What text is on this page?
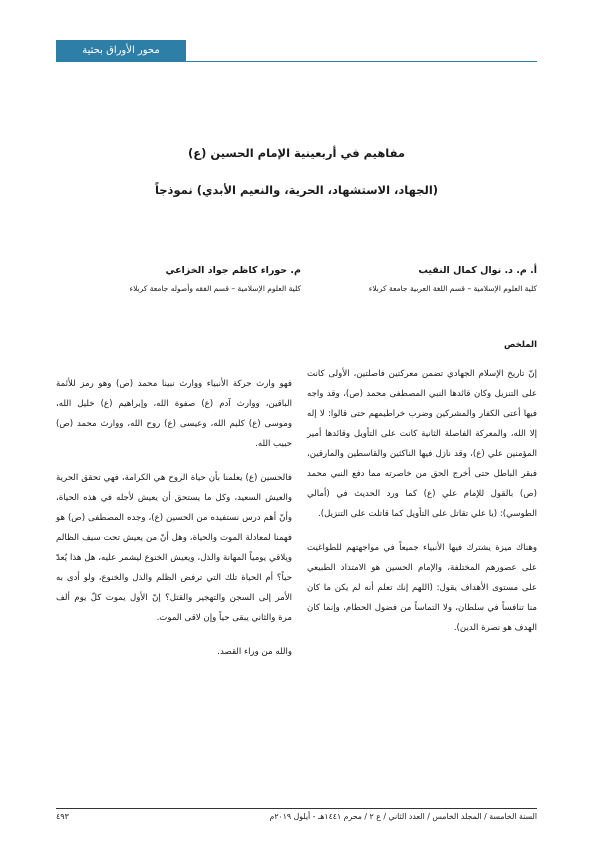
محور الأوراق بحثية
مفاهيم في أربعينية الإمام الحسين (ع)
(الجهاد، الاستشهاد، الحرية، والنعيم الأبدي) نموذجاً
أ. م. د. نوال كمال النقيب
كلية العلوم الإسلامية – قسم اللغة العربية جامعة كربلاء
م. حوراء كاظم جواد الخزاعي
كلية العلوم الإسلامية – قسم الفقه وأصوله جامعة كربلاء
الملخص

إنّ تاريخ الإسلام الجهادي تضمن معركتين فاصلتين، الأولى كانت على التنزيل وكان قائدها النبي المصطفى محمد (ص)، وقد واجه فيها أعتى الكفار والمشركين وضرب خراطيمهم حتى قالوا: لا إله إلا الله، والمعركة الفاصلة الثانية كانت على التأويل وقائدها أمير المؤمنين علي (ع)، وقد نازل فيها الناكثين والقاسطين والمارقين، فبقر الباطل حتى أخرج الحق من خاصرته مما دفع النبي محمد (ص) بالقول للإمام علي (ع) كما ورد الحديث في (أمالي الطوسي): (يا علي تقاتل على التأويل كما قاتلت على التنزيل).

وهناك ميزة يشترك فيها الأنبياء جميعاً في مواجهتهم للطواغيت على عصورهم المختلفة، والإمام الحسين هو الامتداد الطبيعي على مستوى الأهداف يقول: (اللهم إنك تعلم أنه لم يكن ما كان منا تنافساً في سلطان، ولا التماساً من فضول الحطام، وإنما كان الهدف هو نصرة الدين).

فهو وارث حركة الأنبياء ووارث نبينا محمد (ص) وهو رمز للأئمة الباقين، ووارث آدم (ع) صفوة الله، وإبراهيم (ع) خليل الله، وموسى (ع) كليم الله، وعيسى (ع) روح الله، ووارث محمد (ص) حبيب الله.

فالحسين (ع) يعلمنا بأن حياة الروح هي الكرامة، فهي تحقق الحرية والعيش السعيد، وكل ما يستحق أن يعيش لأجله في هذه الحياة، وأنّ أهم درس نستفيده من الحسين (ع)، وجده المصطفى (ص) هو فهمنا لمعادلة الموت والحياة، وهل أنّ من يعيش تحت سيف الظالم ويلاقي يومياً المهانة والذل، ويعيش الخنوع ليشمر عليه، هل هذا يُعدّ حياً؟ أم الحياة تلك التي ترفض الظلم والذل والخنوع، ولو أدى به الأمر إلى السجن والتهجير والقتل؟ إنّ الأول يموت كلّ يوم ألف مرة والثاني يبقى حياً وإن لاقى الموت.

والله من وراء القصد.

السنة الخامسة / المجلد الخامس / العدد الثاني / ع ٢ / محرم ١٤٤١هـ - أيلول ٢٠١٩م
٤٩٣
